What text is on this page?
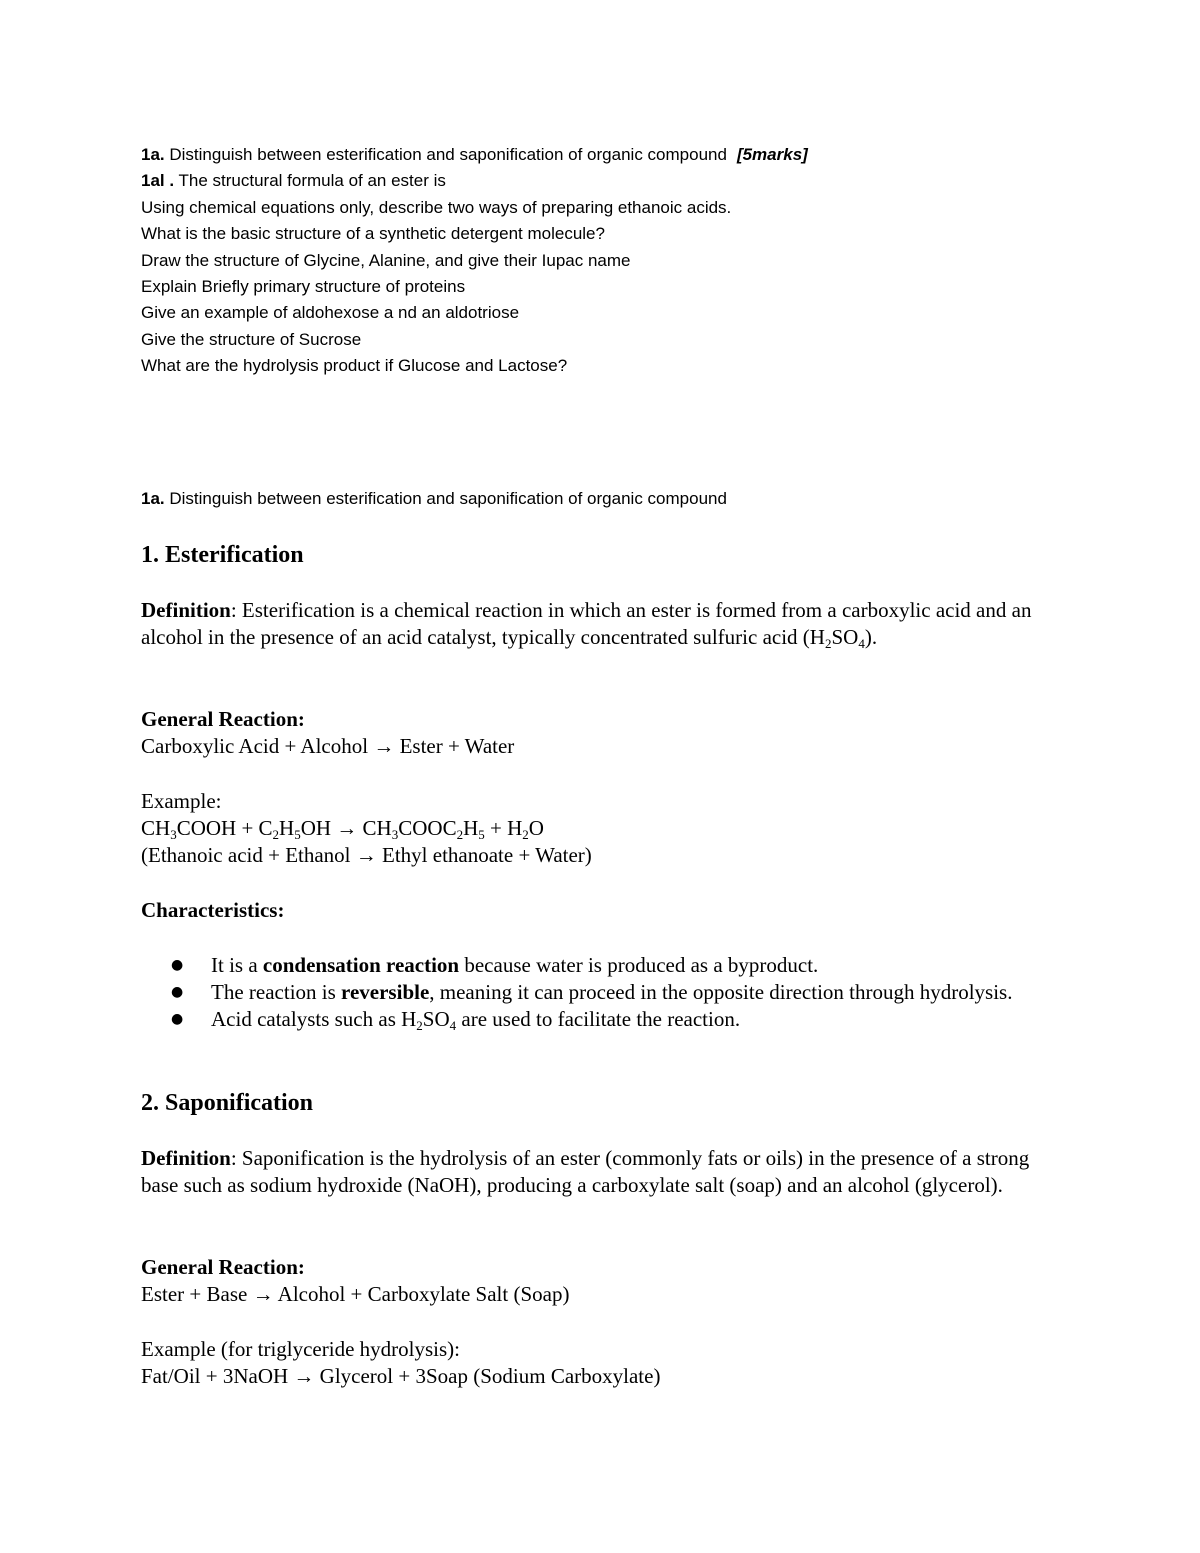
1a. Distinguish between esterification and saponification of organic compound [5marks]
1al . The structural formula of an ester is
Using chemical equations only, describe two ways of preparing ethanoic acids.
What is the basic structure of a synthetic detergent molecule?
Draw the structure of Glycine, Alanine, and give their Iupac name
Explain Briefly primary structure of proteins
Give an example of aldohexose a nd an aldotriose
Give the structure of Sucrose
What are the hydrolysis product if Glucose and Lactose?
1a. Distinguish between esterification and saponification of organic compound
1. Esterification

Definition: Esterification is a chemical reaction in which an ester is formed from a carboxylic acid and an alcohol in the presence of an acid catalyst, typically concentrated sulfuric acid $(H_2SO_4)$.

General Reaction:
Carboxylic Acid + Alcohol → Ester + Water

Example:
$CH_3COOH + C_2H_5OH$ → $CH_3COOC_2H_5 + H_2O$
(Ethanoic acid + Ethanol → Ethyl ethanoate + Water)

Characteristics:

● It is a condensation reaction because water is produced as a byproduct.
● The reaction is reversible, meaning it can proceed in the opposite direction through hydrolysis.
● Acid catalysts such as $H_2SO_4$ are used to facilitate the reaction.
2. Saponification

Definition: Saponification is the hydrolysis of an ester (commonly fats or oils) in the presence of a strong base such as sodium hydroxide (NaOH), producing a carboxylate salt (soap) and an alcohol (glycerol).

General Reaction:
Ester + Base → Alcohol + Carboxylate Salt (Soap)

Example (for triglyceride hydrolysis):
Fat/Oil + 3NaOH → Glycerol + 3Soap (Sodium Carboxylate)
